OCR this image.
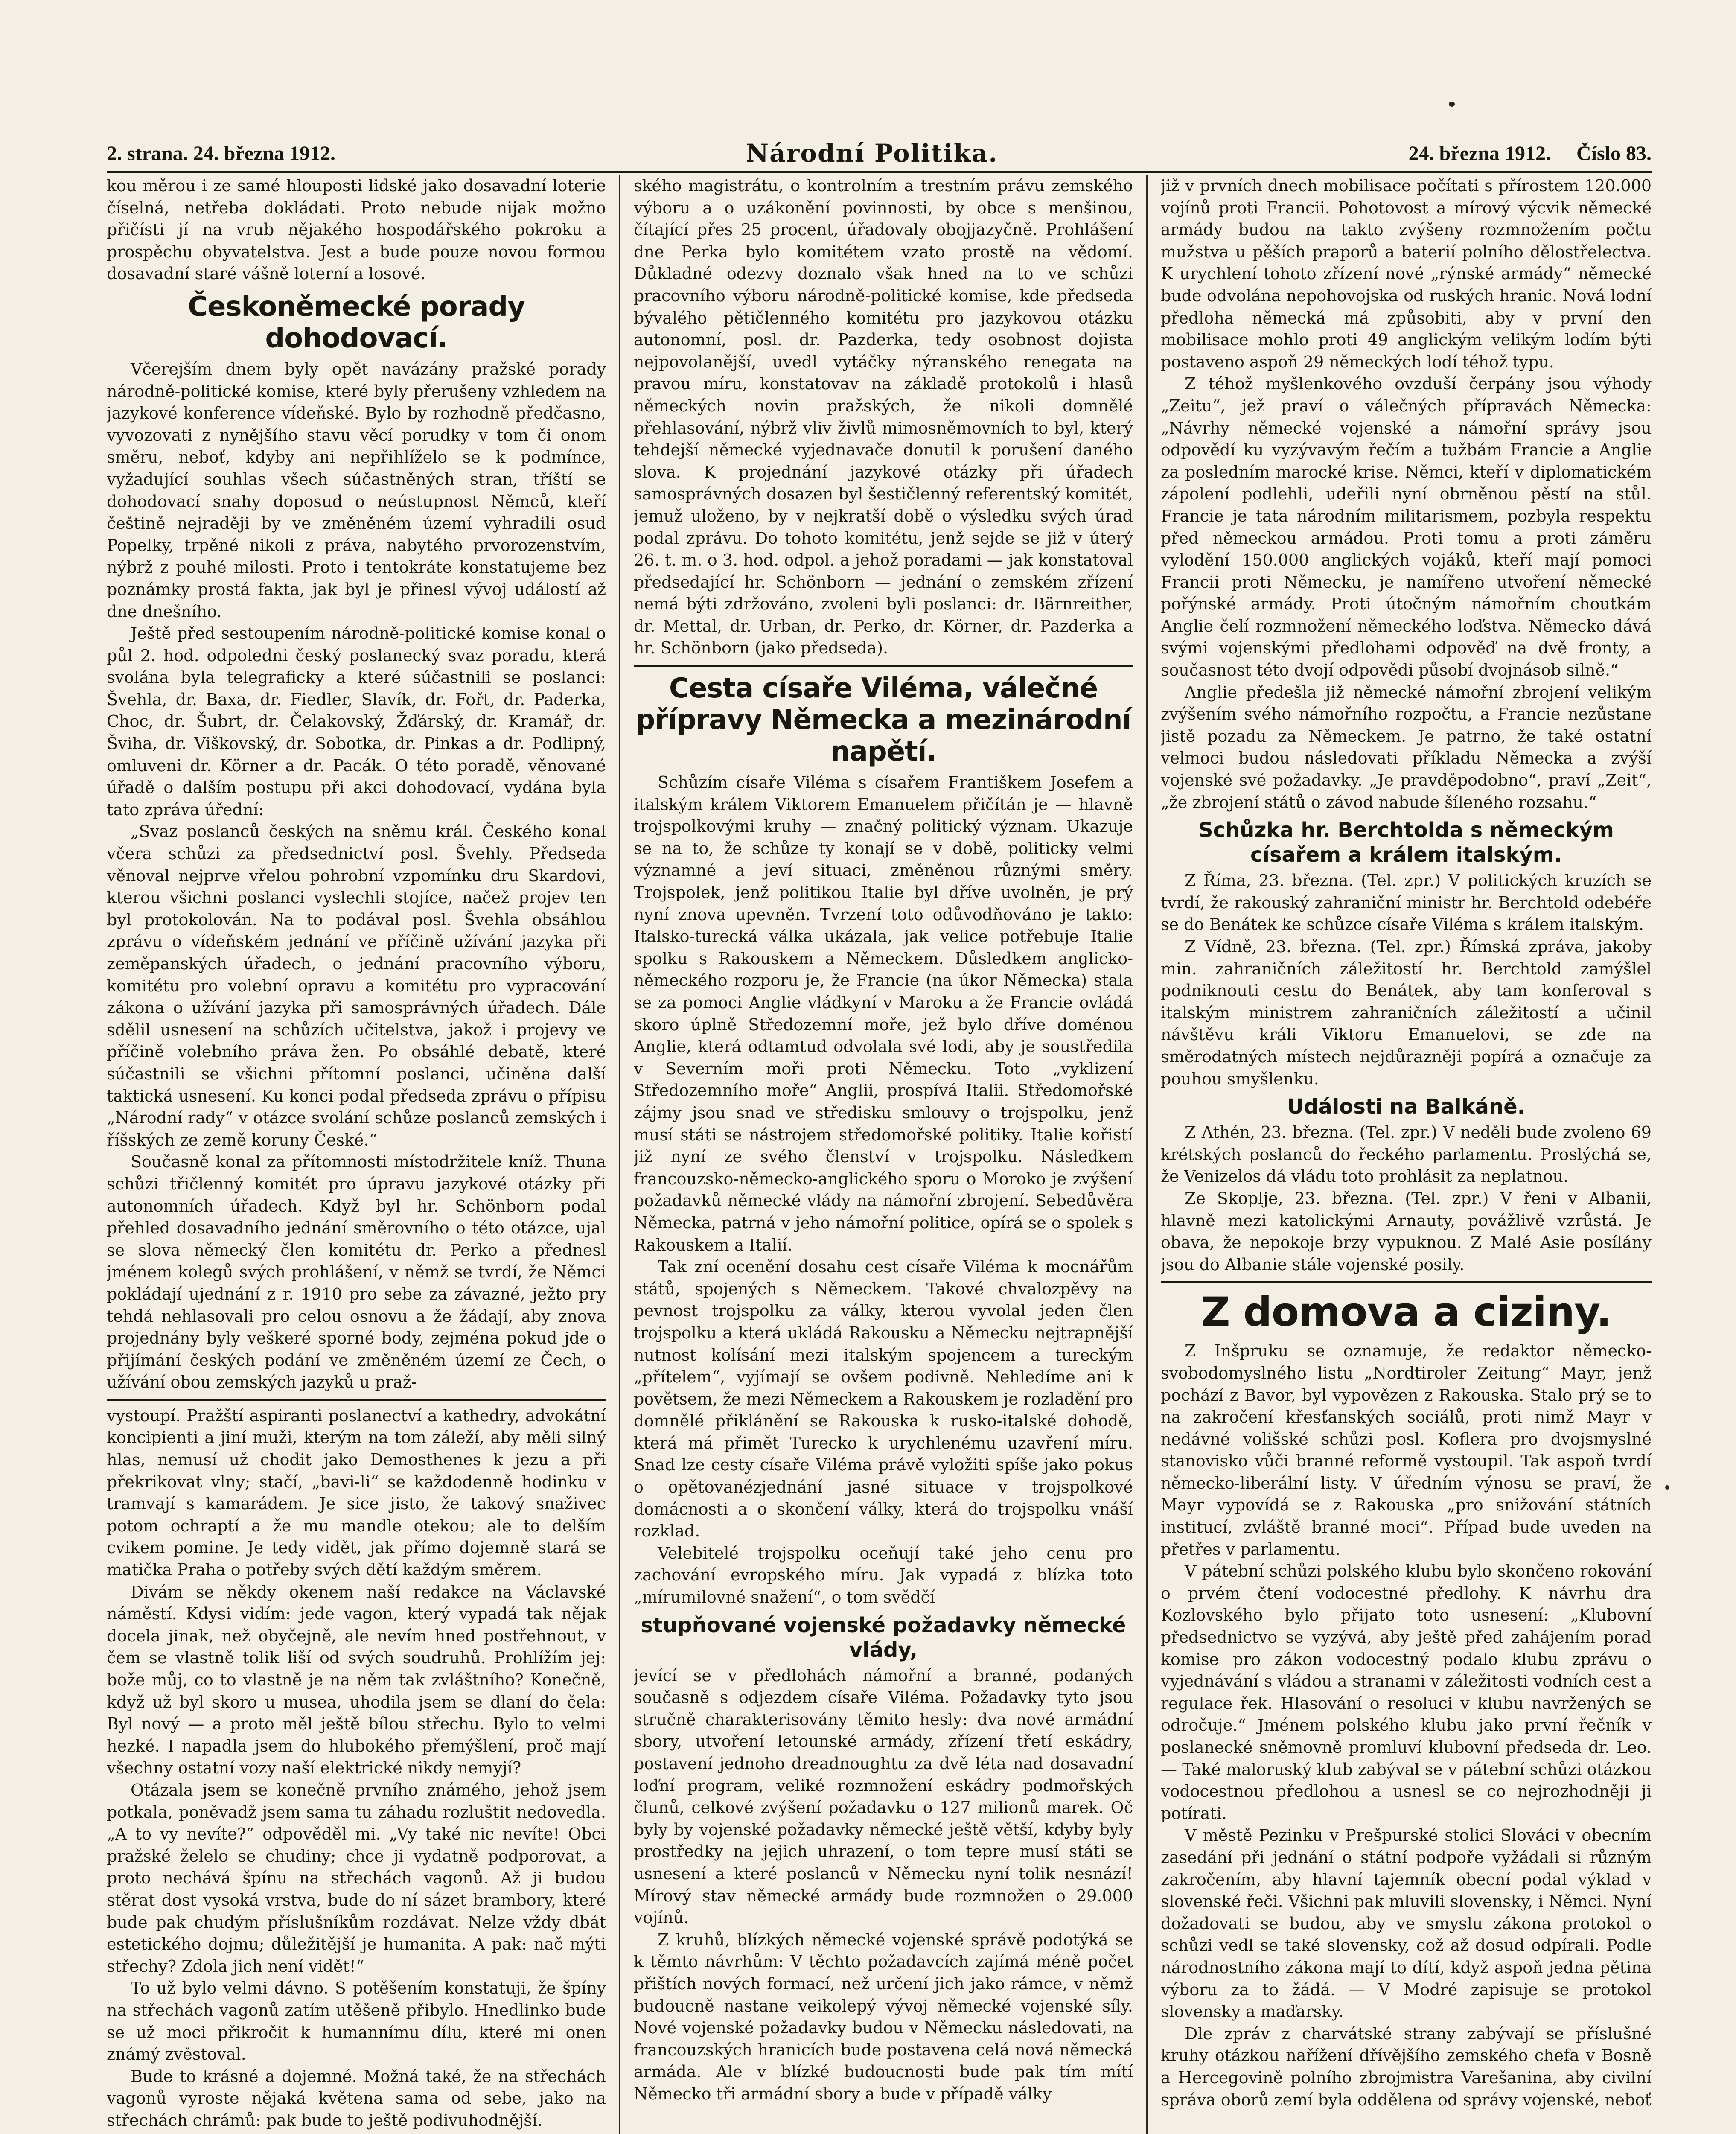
2. strana. 24. března 1912.	Národní Politika.	24. března 1912. Číslo 83.

kou měrou i ze samé hlouposti lidské jako dosavadní loterie číselná, netřeba dokládati. Proto nebude nijak možno přičísti jí na vrub nějakého hospodářského pokroku a prospěchu obyvatelstva. Jest a bude pouze novou formou dosavadní staré vášně loterní a losové.

Českoněmecké porady dohodovací.

Včerejším dnem byly opět navázány pražské porady národně-politické komise, které byly přerušeny vzhledem na jazykové konference vídeňské. Bylo by rozhodně předčasno, vyvozovati z nynějšího stavu věcí porudky v tom či onom směru, neboť, kdyby ani nepřihlíželo se k podmínce, vyžadující souhlas všech súčastněných stran, tříští se dohodovací snahy doposud o neústupnost Němců, kteří češtině nejraději by ve změněném území vyhradili osud Popelky, trpěné nikoli z práva, nabytého prvorozenstvím, nýbrž z pouhé milosti. Proto i tentokráte konstatujeme bez poznámky prostá fakta, jak byl je přinesl vývoj událostí až dne dnešního.

Ještě před sestoupením národně-politické komise konal o půl 2. hod. odpoledni český poslanecký svaz poradu, která svolána byla telegraficky a které súčastnili se poslanci: Švehla, dr. Baxa, dr. Fiedler, Slavík, dr. Fořt, dr. Paderka, Choc, dr. Šubrt, dr. Čelakovský, Žďárský, dr. Kramář, dr. Šviha, dr. Viškovský, dr. Sobotka, dr. Pinkas a dr. Podlipný, omluveni dr. Körner a dr. Pacák. O této poradě, věnované úřadě o dalším postupu při akci dohodovací, vydána byla tato zpráva úřední:

„Svaz poslanců českých na sněmu král. Českého konal včera schůzi za předsednictví posl. Švehly. Předseda věnoval nejprve vřelou pohrobní vzpomínku dru Skardovi, kterou všichni poslanci vyslechli stojíce, načež projev ten byl protokolován. Na to podával posl. Švehla obsáhlou zprávu o vídeňském jednání ve příčině užívání jazyka při zeměpanských úřadech, o jednání pracovního výboru, komitétu pro volební opravu a komitétu pro vypracování zákona o užívání jazyka při samosprávných úřadech. Dále sdělil usnesení na schůzích učitelstva, jakož i projevy ve příčině volebního práva žen. Po obsáhlé debatě, které súčastnili se všichni přítomní poslanci, učiněna další taktická usnesení. Ku konci podal předseda zprávu o přípisu „Národní rady“ v otázce svolání schůze poslanců zemských i říšských ze země koruny České.“

Současně konal za přítomnosti místodržitele kníž. Thuna schůzi třičlenný komitét pro úpravu jazykové otázky při autonomních úřadech. Když byl hr. Schönborn podal přehled dosavadního jednání směrovního o této otázce, ujal se slova německý člen komitétu dr. Perko a přednesl jménem kolegů svých prohlášení, v němž se tvrdí, že Němci pokládají ujednání z r. 1910 pro sebe za závazné, ježto pry tehdá nehlasovali pro celou osnovu a že žádají, aby znova projednány byly veškeré sporné body, zejména pokud jde o přijímání českých podání ve změněném území ze Čech, o užívání obou zemských jazyků u praž-

vystoupí. Pražští aspiranti poslanectví a kathedry, advokátní koncipienti a jiní muži, kterým na tom záleží, aby měli silný hlas, nemusí už chodit jako Demosthenes k jezu a při překrikovat vlny; stačí, „bavi-li“ se každodenně hodinku v tramvají s kamarádem. Je sice jisto, že takový snaživec potom ochraptí a že mu mandle otekou; ale to delším cvikem pomine. Je tedy vidět, jak přímo dojemně stará se matička Praha o potřeby svých dětí každým směrem.

Divám se někdy okenem naší redakce na Václavské náměstí. Kdysi vidím: jede vagon, který vypadá tak nějak docela jinak, než obyčejně, ale nevím hned postřehnout, v čem se vlastně tolik liší od svých soudruhů. Prohlížím jej: bože můj, co to vlastně je na něm tak zvláštního? Konečně, když už byl skoro u musea, uhodila jsem se dlaní do čela: Byl nový — a proto měl ještě bílou střechu. Bylo to velmi hezké. I napadla jsem do hlubokého přemýšlení, proč mají všechny ostatní vozy naší elektrické nikdy nemyjí?

Otázala jsem se konečně prvního známého, jehož jsem potkala, poněvadž jsem sama tu záhadu rozluštit nedovedla. „A to vy nevíte?“ odpověděl mi. „Vy také nic nevíte! Obci pražské želelo se chudiny; chce ji vydatně podporovat, a proto nechává špínu na střechách vagonů. Až ji budou stěrat dost vysoká vrstva, bude do ní sázet brambory, které bude pak chudým příslušníkům rozdávat. Nelze vždy dbát estetického dojmu; důležitější je humanita. A pak: nač mýti střechy? Zdola jich není vidět!“

To už bylo velmi dávno. S potěšením konstatuji, že špíny na střechách vagonů zatím utěšeně přibylo. Hnedlinko bude se už moci přikročit k humannímu dílu, které mi onen známý zvěstoval.

Bude to krásné a dojemné. Možná také, že na střechách vagonů vyroste nějaká květena sama od sebe, jako na střechách chrámů: pak bude to ještě podivuhodnější.

ského magistrátu, o kontrolním a trestním právu zemského výboru a o uzákonění povinnosti, by obce s menšinou, čítající přes 25 procent, úřadovaly obojjazyčně. Prohlášení dne Perka bylo komitétem vzato prostě na vědomí. Důkladné odezvy doznalo však hned na to ve schůzi pracovního výboru národně-politické komise, kde předseda bývalého pětičlenného komitétu pro jazykovou otázku autonomní, posl. dr. Pazderka, tedy osobnost dojista nejpovolanější, uvedl vytáčky nýranského renegata na pravou míru, konstatovav na základě protokolů i hlasů německých novin pražských, že nikoli domnělé přehlasování, nýbrž vliv živlů mimosněmovních to byl, který tehdejší německé vyjednavače donutil k porušení daného slova. K projednání jazykové otázky při úřadech samosprávných dosazen byl šestičlenný referentský komitét, jemuž uloženo, by v nejkratší době o výsledku svých úrad podal zprávu. Do tohoto komitétu, jenž sejde se již v úterý 26. t. m. o 3. hod. odpol. a jehož poradami — jak konstatoval předsedající hr. Schönborn — jednání o zemském zřízení nemá býti zdržováno, zvoleni byli poslanci: dr. Bärnreither, dr. Mettal, dr. Urban, dr. Perko, dr. Körner, dr. Pazderka a hr. Schönborn (jako předseda).

Cesta císaře Viléma, válečné přípravy Německa a mezinárodní napětí.

Schůzím císaře Viléma s císařem Františkem Josefem a italským králem Viktorem Emanuelem přičítán je — hlavně trojspolkovými kruhy — značný politický význam. Ukazuje se na to, že schůze ty konají se v době, politicky velmi významné a jeví situaci, změněnou různými směry. Trojspolek, jenž politikou Italie byl dříve uvolněn, je prý nyní znova upevněn. Tvrzení toto odůvodňováno je takto: Italsko-turecká válka ukázala, jak velice potřebuje Italie spolku s Rakouskem a Německem. Důsledkem anglicko-německého rozporu je, že Francie (na úkor Německa) stala se za pomoci Anglie vládkyní v Maroku a že Francie ovládá skoro úplně Středozemní moře, jež bylo dříve doménou Anglie, která odtamtud odvolala své lodi, aby je soustředila v Severním moři proti Německu. Toto „vyklizení Středozemního moře“ Anglii, prospívá Italii. Středomořské zájmy jsou snad ve středisku smlouvy o trojspolku, jenž musí státi se nástrojem středomořské politiky. Italie kořistí již nyní ze svého členství v trojspolku. Následkem francouzsko-německo-anglického sporu o Moroko je zvýšení požadavků německé vlády na námořní zbrojení. Sebedůvěra Německa, patrná v jeho námořní politice, opírá se o spolek s Rakouskem a Italií.

Tak zní ocenění dosahu cest císaře Viléma k mocnářům států, spojených s Německem. Takové chvalozpěvy na pevnost trojspolku za války, kterou vyvolal jeden člen trojspolku a která ukládá Rakousku a Německu nejtrapnější nutnost kolísání mezi italským spojencem a tureckým „přítelem“, vyjímají se ovšem podivně. Nehledíme ani k povětsem, že mezi Německem a Rakouskem je rozladění pro domnělé přiklánění se Rakouska k rusko-italské dohodě, která má přimět Turecko k urychlenému uzavření míru. Snad lze cesty císaře Viléma právě vyložiti spíše jako pokus o opětovanézjednání jasné situace v trojspolkové domácnosti a o skončení války, která do trojspolku vnáší rozklad.

Velebitelé trojspolku oceňují také jeho cenu pro zachování evropského míru. Jak vypadá z blízka toto „mírumilovné snažení“, o tom svědčí

stupňované vojenské požadavky německé vlády,

jevící se v předlohách námořní a branné, podaných současně s odjezdem císaře Viléma. Požadavky tyto jsou stručně charakterisovány těmito hesly: dva nové armádní sbory, utvoření letounské armády, zřízení třetí eskádry, postavení jednoho dreadnoughtu za dvě léta nad dosavadní loďní program, veliké rozmnožení eskádry podmořských člunů, celkové zvýšení požadavku o 127 milionů marek. Oč byly by vojenské požadavky německé ještě větší, kdyby byly prostředky na jejich uhrazení, o tom tepre musí státi se usnesení a které poslanců v Německu nyní tolik nesnází! Mírový stav německé armády bude rozmnožen o 29.000 vojínů.

Z kruhů, blízkých německé vojenské správě podotýká se k těmto návrhům: V těchto požadavcích zajímá méně počet přištích nových formací, než určení jich jako rámce, v němž budoucně nastane veikolepý vývoj německé vojenské síly. Nové vojenské požadavky budou v Německu následovati, na francouzských hranicích bude postavena celá nová německá armáda. Ale v blízké budoucnosti bude pak tím mítí Německo tři armádní sbory a bude v případě války

již v prvních dnech mobilisace počítati s přírostem 120.000 vojínů proti Francii. Pohotovost a mírový výcvik německé armády budou na takto zvýšeny rozmnožením počtu mužstva u pěších praporů a baterií polního dělostřelectva. K urychlení tohoto zřízení nové „rýnské armády“ německé bude odvolána nepohovojska od ruských hranic. Nová lodní předloha německá má způsobiti, aby v první den mobilisace mohlo proti 49 anglickým velikým lodím býti postaveno aspoň 29 německých lodí téhož typu.

Z téhož myšlenkového ovzduší čerpány jsou výhody „Zeitu“, jež praví o válečných přípravách Německa: „Návrhy německé vojenské a námořní správy jsou odpovědí ku vyzývavým řečím a tužbám Francie a Anglie za posledním marocké krise. Němci, kteří v diplomatickém zápolení podlehli, udeřili nyní obrněnou pěstí na stůl. Francie je tata národním militarismem, pozbyla respektu před německou armádou. Proti tomu a proti záměru vylodění 150.000 anglických vojáků, kteří mají pomoci Francii proti Německu, je namířeno utvoření německé pořýnské armády. Proti útočným námořním choutkám Anglie čelí rozmnožení německého loďstva. Německo dává svými vojenskými předlohami odpověď na dvě fronty, a současnost této dvojí odpovědi působí dvojnásob silně.“

Anglie předešla již německé námořní zbrojení velikým zvýšením svého námořního rozpočtu, a Francie nezůstane jistě pozadu za Německem. Je patrno, že také ostatní velmoci budou následovati příkladu Německa a zvýší vojenské své požadavky. „Je pravděpodobno“, praví „Zeit“, „že zbrojení států o závod nabude šíleného rozsahu.“

Schůzka hr. Berchtolda s německým císařem a králem italským.

Z Říma, 23. března. (Tel. zpr.) V politických kruzích se tvrdí, že rakouský zahraniční ministr hr. Berchtold odebéře se do Benátek ke schůzce císaře Viléma s králem italským.

Z Vídně, 23. března. (Tel. zpr.) Římská zpráva, jakoby min. zahraničních záležitostí hr. Berchtold zamýšlel podniknouti cestu do Benátek, aby tam konferoval s italským ministrem zahraničních záležitostí a učinil návštěvu králi Viktoru Emanuelovi, se zde na směrodatných místech nejdůrazněji popírá a označuje za pouhou smyšlenku.

Události na Balkáně.

Z Athén, 23. března. (Tel. zpr.) V neděli bude zvoleno 69 krétských poslanců do řeckého parlamentu. Proslýchá se, že Venizelos dá vládu toto prohlásit za neplatnou.

Ze Skoplje, 23. března. (Tel. zpr.) V řeni v Albanii, hlavně mezi katolickými Arnauty, povážlivě vzrůstá. Je obava, že nepokoje brzy vypuknou. Z Malé Asie posílány jsou do Albanie stále vojenské posily.

Z domova a ciziny.

Z Inšpruku se oznamuje, že redaktor německo-svobodomyslného listu „Nordtiroler Zeitung“ Mayr, jenž pochází z Bavor, byl vypovězen z Rakouska. Stalo prý se to na zakročení křesťanských sociálů, proti nimž Mayr v nedávné volišské schůzi posl. Koflera pro dvojsmyslné stanovisko vůči branné reformě vystoupil. Tak aspoň tvrdí německo-liberální listy. V úředním výnosu se praví, že Mayr vypovídá se z Rakouska „pro snižování státních institucí, zvláště branné moci“. Případ bude uveden na přetřes v parlamentu.

V pátební schůzi polského klubu bylo skončeno rokování o prvém čtení vodocestné předlohy. K návrhu dra Kozlovského bylo přijato toto usnesení: „Klubovní předsednictvo se vyzývá, aby ještě před zahájením porad komise pro zákon vodocestný podalo klubu zprávu o vyjednávání s vládou a stranami v záležitosti vodních cest a regulace řek. Hlasování o resoluci v klubu navržených se odročuje.“ Jménem polského klubu jako první řečník v poslanecké sněmovně promluví klubovní předseda dr. Leo. — Také maloruský klub zabýval se v pátební schůzi otázkou vodocestnou předlohou a usnesl se co nejrozhodněji ji potírati.

V městě Pezinku v Prešpurské stolici Slováci v obecním zasedání při jednání o státní podpoře vyžádali si různým zakročením, aby hlavní tajemník obecní podal výklad v slovenské řeči. Všichni pak mluvili slovensky, i Němci. Nyní dožadovati se budou, aby ve smyslu zákona protokol o schůzi vedl se také slovensky, což až dosud odpírali. Podle národnostního zákona mají to dítí, když aspoň jedna pětina výboru za to žádá. — V Modré zapisuje se protokol slovensky a maďarsky.

Dle zpráv z charvátské strany zabývají se příslušné kruhy otázkou nařížení dřívějšího zemského chefa v Bosně a Hercegovině polního zbrojmistra Varešanina, aby civilní správa oborů zemí byla oddělena od správy vojenské, neboť
